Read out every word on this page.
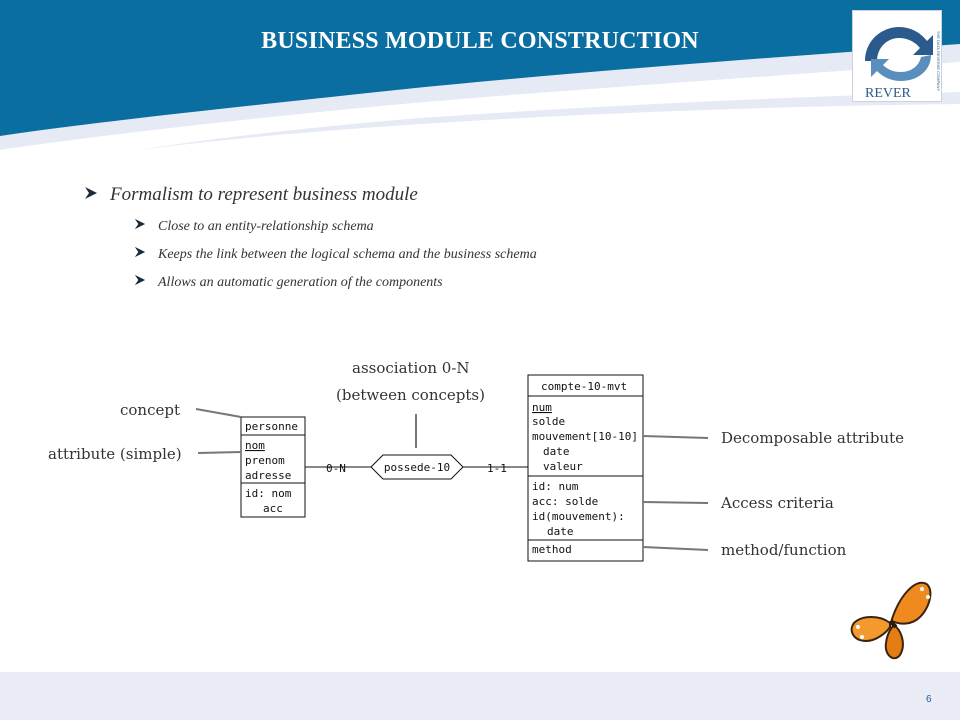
BUSINESS MODULE CONSTRUCTION
REVER
THE DATA REVERSE COMPANY
Formalism to represent business module
Close to an entity-relationship schema
Keeps the link between the logical schema and the business schema
Allows an automatic generation of the components
personne
nom
prenom
adresse
id: nom
acc
0-N	1-1
possede-10
compte-10-mvt
num
solde
mouvement[10-10]
date
valeur
id: num
acc: solde
id(mouvement):
date
method
concept
attribute (simple)
association 0-N
(between concepts)
Decomposable attribute
Access criteria
method/function
6
